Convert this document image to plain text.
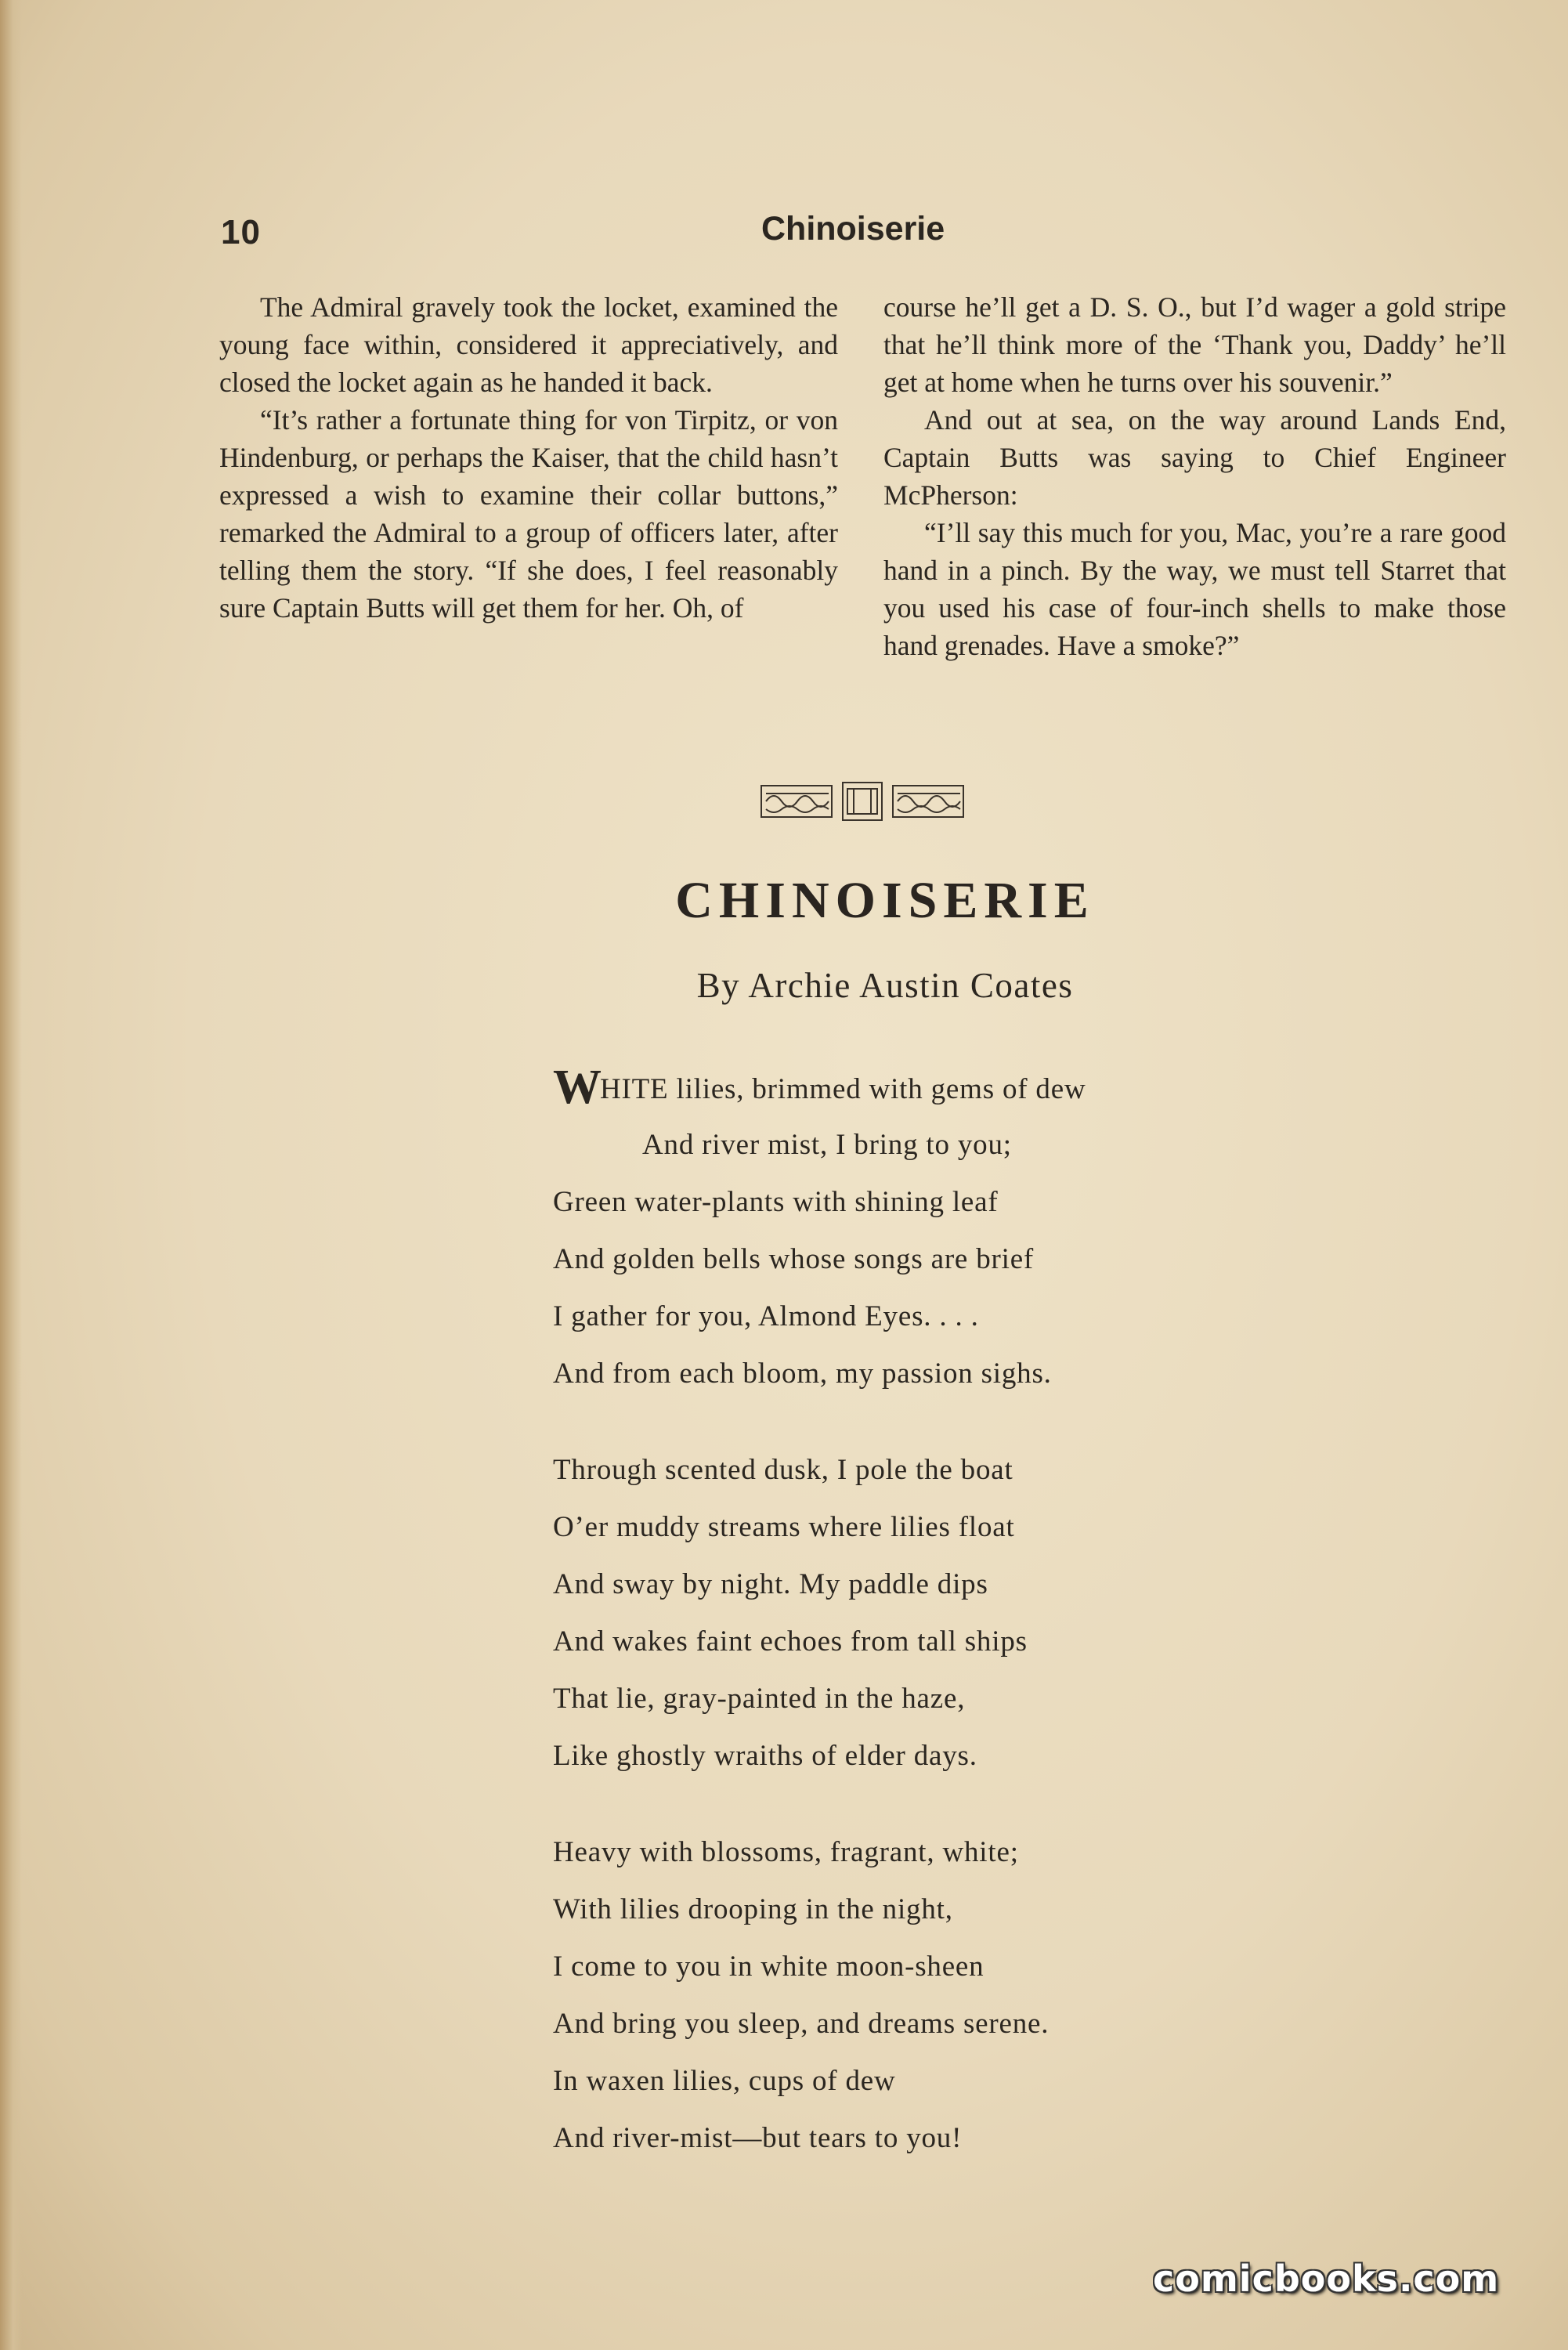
10	Chinoiserie

The Admiral gravely took the locket, examined the young face within, considered it appreciatively, and closed the locket again as he handed it back.

“It’s rather a fortunate thing for von Tirpitz, or von Hindenburg, or perhaps the Kaiser, that the child hasn’t expressed a wish to examine their collar buttons,” remarked the Admiral to a group of officers later, after telling them the story. “If she does, I feel reasonably sure Captain Butts will get them for her. Oh, of

course he’ll get a D. S. O., but I’d wager a gold stripe that he’ll think more of the ‘Thank you, Daddy’ he’ll get at home when he turns over his souvenir.”

And out at sea, on the way around Lands End, Captain Butts was saying to Chief Engineer McPherson:

“I’ll say this much for you, Mac, you’re a rare good hand in a pinch. By the way, we must tell Starret that you used his case of four-inch shells to make those hand grenades. Have a smoke?”

CHINOISERIE
By Archie Austin Coates
WHITE lilies, brimmed with gems of dew
And river mist, I bring to you;
Green water-plants with shining leaf
And golden bells whose songs are brief
I gather for you, Almond Eyes. . . .
And from each bloom, my passion sighs.
Through scented dusk, I pole the boat
O’er muddy streams where lilies float
And sway by night. My paddle dips
And wakes faint echoes from tall ships
That lie, gray-painted in the haze,
Like ghostly wraiths of elder days.
Heavy with blossoms, fragrant, white;
With lilies drooping in the night,
I come to you in white moon-sheen
And bring you sleep, and dreams serene.
In waxen lilies, cups of dew
And river-mist—but tears to you!
comicbooks.com
